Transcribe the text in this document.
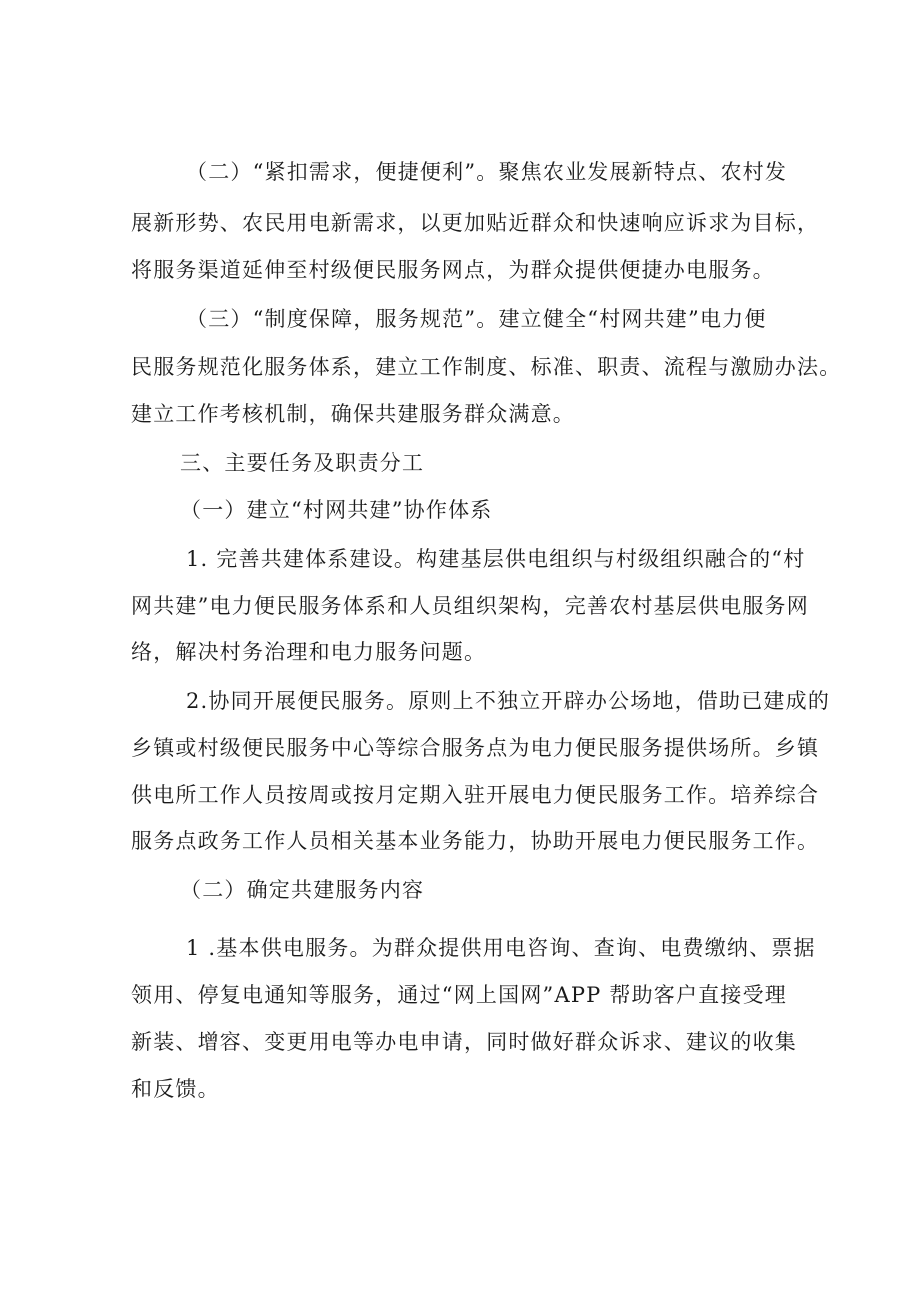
（二）“紧扣需求，便捷便利”。聚焦农业发展新特点、农村发
展新形势、农民用电新需求，以更加贴近群众和快速响应诉求为目标，
将服务渠道延伸至村级便民服务网点，为群众提供便捷办电服务。
（三）“制度保障，服务规范”。建立健全“村网共建”电力便
民服务规范化服务体系，建立工作制度、标准、职责、流程与激励办法。
建立工作考核机制，确保共建服务群众满意。
三、主要任务及职责分工
（一）建立“村网共建”协作体系
1. 完善共建体系建设。构建基层供电组织与村级组织融合的“村
网共建”电力便民服务体系和人员组织架构，完善农村基层供电服务网
络，解决村务治理和电力服务问题。
2.协同开展便民服务。原则上不独立开辟办公场地，借助已建成的
乡镇或村级便民服务中心等综合服务点为电力便民服务提供场所。乡镇
供电所工作人员按周或按月定期入驻开展电力便民服务工作。培养综合
服务点政务工作人员相关基本业务能力，协助开展电力便民服务工作。
（二）确定共建服务内容
1 .基本供电服务。为群众提供用电咨询、查询、电费缴纳、票据
领用、停复电通知等服务，通过“网上国网”APP 帮助客户直接受理
新装、增容、变更用电等办电申请，同时做好群众诉求、建议的收集
和反馈。
